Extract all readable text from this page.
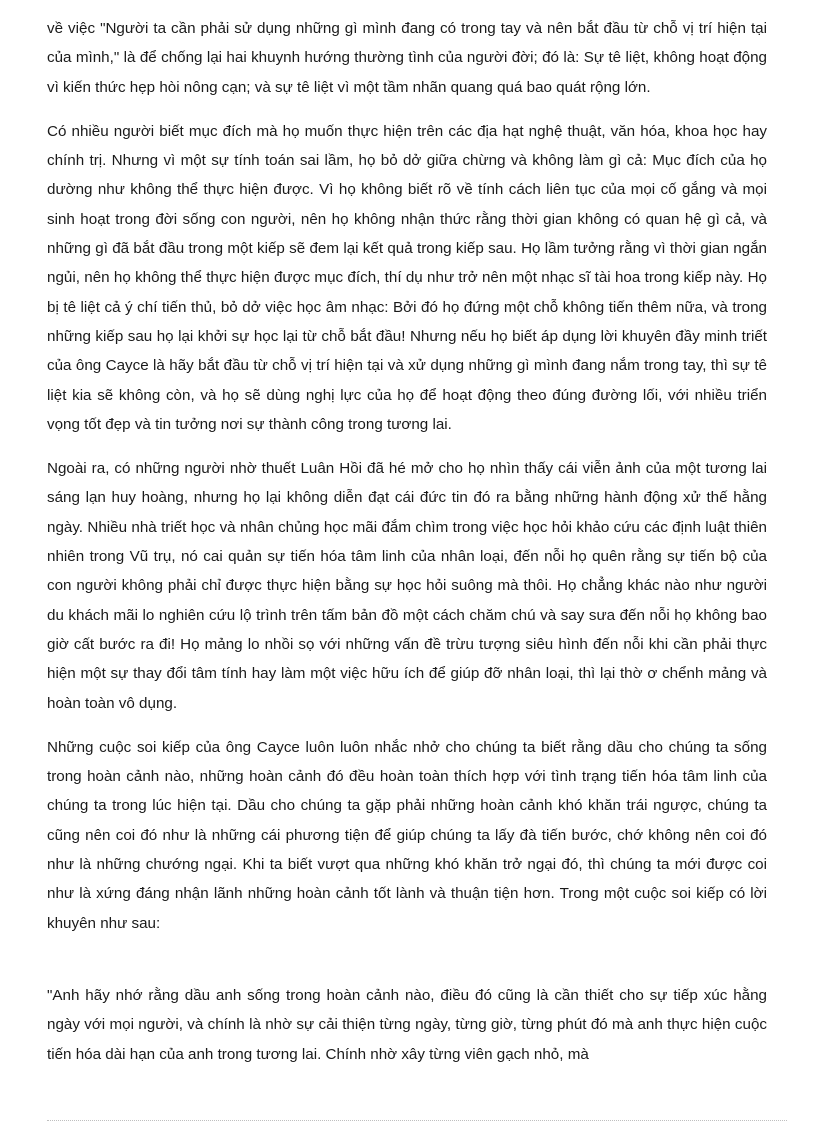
về việc "Người ta cần phải sử dụng những gì mình đang có trong tay và nên bắt đầu từ chỗ vị trí hiện tại của mình," là để chống lại hai khuynh hướng thường tình của người đời; đó là: Sự tê liệt, không hoạt động vì kiến thức hẹp hòi nông cạn; và sự tê liệt vì một tầm nhãn quang quá bao quát rộng lớn.

Có nhiều người biết mục đích mà họ muốn thực hiện trên các địa hạt nghệ thuật, văn hóa, khoa học hay chính trị. Nhưng vì một sự tính toán sai lầm, họ bỏ dở giữa chừng và không làm gì cả: Mục đích của họ dường như không thể thực hiện được. Vì họ không biết rõ về tính cách liên tục của mọi cố gắng và mọi sinh hoạt trong đời sống con người, nên họ không nhận thức rằng thời gian không có quan hệ gì cả, và những gì đã bắt đầu trong một kiếp sẽ đem lại kết quả trong kiếp sau. Họ lầm tưởng rằng vì thời gian ngắn ngủi, nên họ không thể thực hiện được mục đích, thí dụ như trở nên một nhạc sĩ tài hoa trong kiếp này. Họ bị tê liệt cả ý chí tiến thủ, bỏ dở việc học âm nhạc: Bởi đó họ đứng một chỗ không tiến thêm nữa, và trong những kiếp sau họ lại khởi sự học lại từ chỗ bắt đầu! Nhưng nếu họ biết áp dụng lời khuyên đầy minh triết của ông Cayce là hãy bắt đầu từ chỗ vị trí hiện tại và xử dụng những gì mình đang nắm trong tay, thì sự tê liệt kia sẽ không còn, và họ sẽ dùng nghị lực của họ để hoạt động theo đúng đường lối, với nhiều triển vọng tốt đẹp và tin tưởng nơi sự thành công trong tương lai.

Ngoài ra, có những người nhờ thuết Luân Hồi đã hé mở cho họ nhìn thấy cái viễn ảnh của một tương lai sáng lạn huy hoàng, nhưng họ lại không diễn đạt cái đức tin đó ra bằng những hành động xử thế hằng ngày. Nhiều nhà triết học và nhân chủng học mãi đắm chìm trong việc học hỏi khảo cứu các định luật thiên nhiên trong Vũ trụ, nó cai quản sự tiến hóa tâm linh của nhân loại, đến nỗi họ quên rằng sự tiến bộ của con người không phải chỉ được thực hiện bằng sự học hỏi suông mà thôi. Họ chẳng khác nào như người du khách mãi lo nghiên cứu lộ trình trên tấm bản đồ một cách chăm chú và say sưa đến nỗi họ không bao giờ cất bước ra đi! Họ mảng lo nhồi sọ với những vấn đề trừu tượng siêu hình đến nỗi khi cần phải thực hiện một sự thay đổi tâm tính hay làm một việc hữu ích để giúp đỡ nhân loại, thì lại thờ ơ chểnh mảng và hoàn toàn vô dụng.

Những cuộc soi kiếp của ông Cayce luôn luôn nhắc nhở cho chúng ta biết rằng dầu cho chúng ta sống trong hoàn cảnh nào, những hoàn cảnh đó đều hoàn toàn thích hợp với tình trạng tiến hóa tâm linh của chúng ta trong lúc hiện tại. Dầu cho chúng ta gặp phải những hoàn cảnh khó khăn trái ngược, chúng ta cũng nên coi đó như là những cái phương tiện để giúp chúng ta lấy đà tiến bước, chớ không nên coi đó như là những chướng ngại. Khi ta biết vượt qua những khó khăn trở ngại đó, thì chúng ta mới được coi như là xứng đáng nhận lãnh những hoàn cảnh tốt lành và thuận tiện hơn. Trong một cuộc soi kiếp có lời khuyên như sau:

"Anh hãy nhớ rằng dầu anh sống trong hoàn cảnh nào, điều đó cũng là cần thiết cho sự tiếp xúc hằng ngày với mọi người, và chính là nhờ sự cải thiện từng ngày, từng giờ, từng phút đó mà anh thực hiện cuộc tiến hóa dài hạn của anh trong tương lai. Chính nhờ xây từng viên gạch nhỏ, mà
